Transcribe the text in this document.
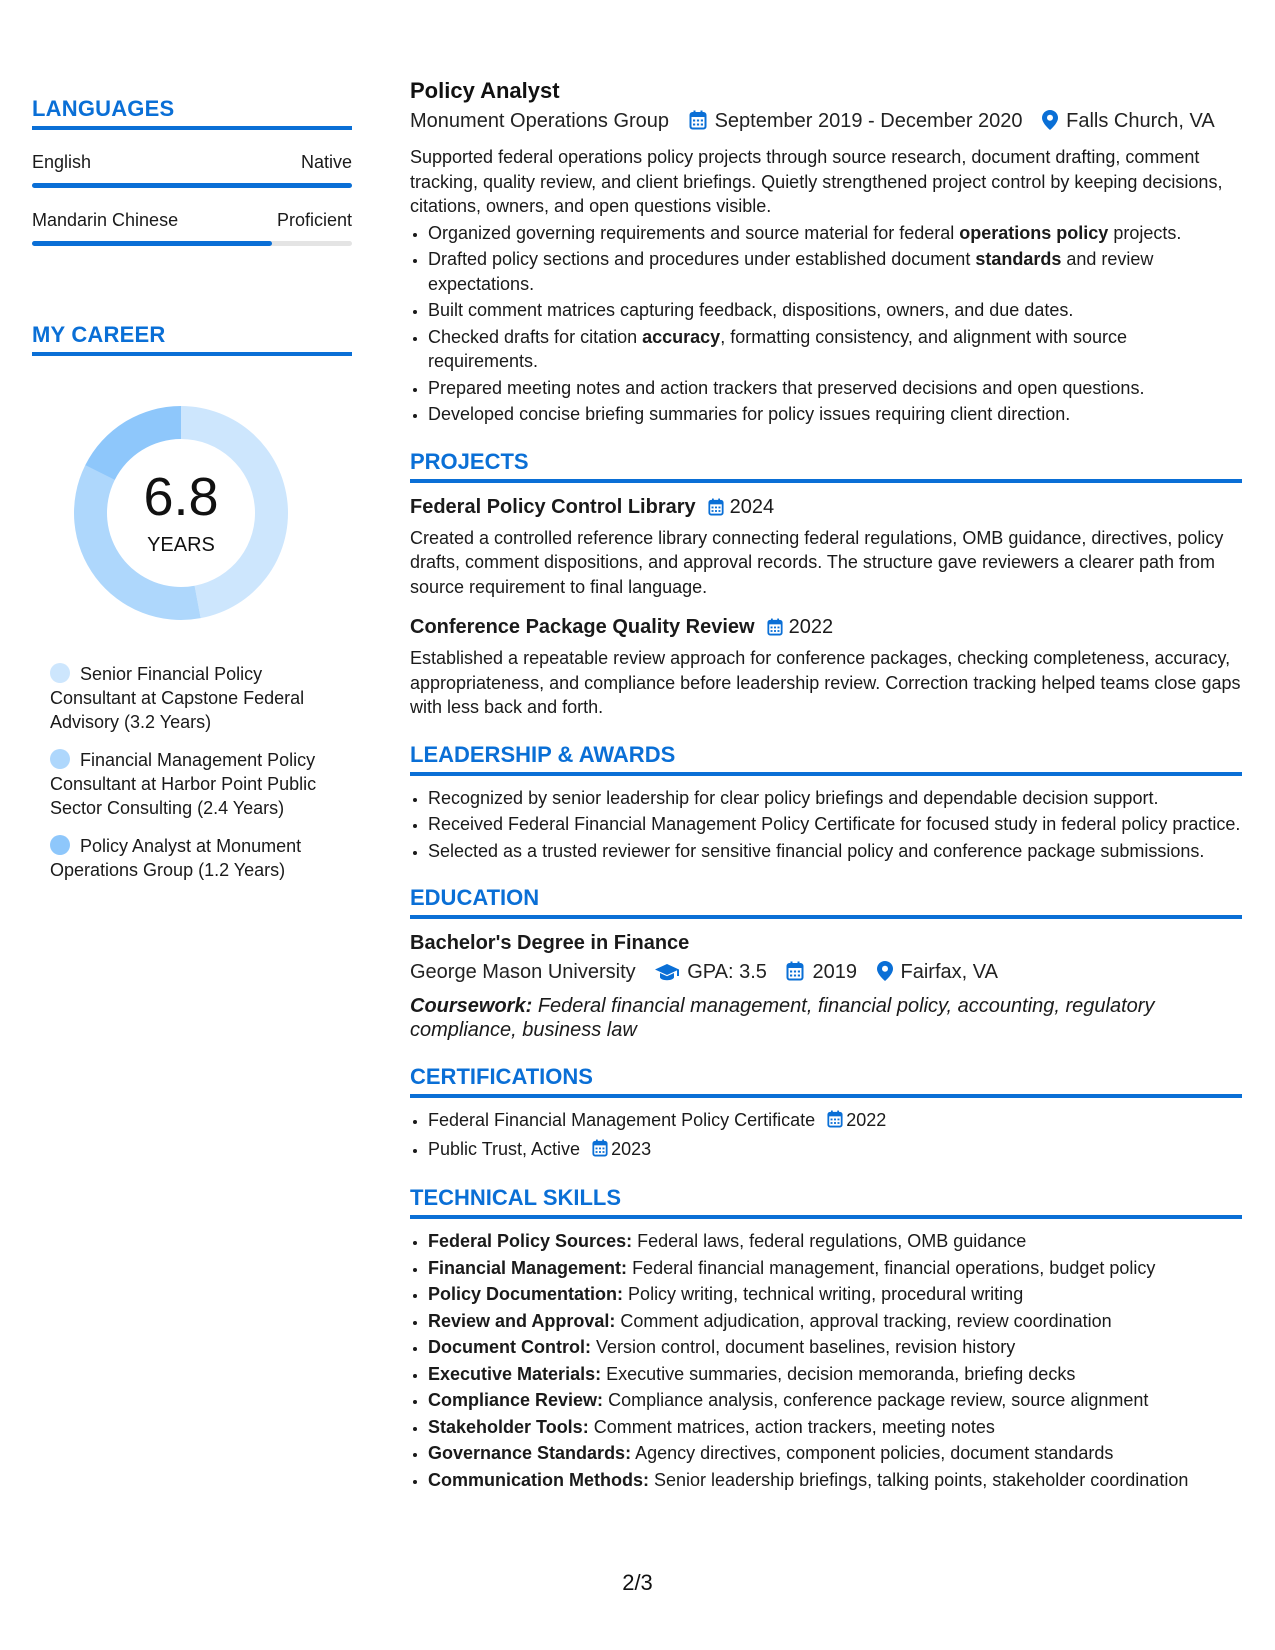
LANGUAGES
English	Native
Mandarin Chinese	Proficient
MY CAREER
6.8
YEARS
Senior Financial Policy Consultant at Capstone Federal Advisory (3.2 Years)
Financial Management Policy Consultant at Harbor Point Public Sector Consulting (2.4 Years)
Policy Analyst at Monument Operations Group (1.2 Years)
Policy Analyst
Monument Operations Group September 2019 - December 2020 Falls Church, VA

Supported federal operations policy projects through source research, document drafting, comment tracking, quality review, and client briefings. Quietly strengthened project control by keeping decisions, citations, owners, and open questions visible.

• Organized governing requirements and source material for federal operations policy projects.
• Drafted policy sections and procedures under established document standards and review expectations.
• Built comment matrices capturing feedback, dispositions, owners, and due dates.
• Checked drafts for citation accuracy, formatting consistency, and alignment with source requirements.
• Prepared meeting notes and action trackers that preserved decisions and open questions.
• Developed concise briefing summaries for policy issues requiring client direction.
PROJECTS
Federal Policy Control Library 2024

Created a controlled reference library connecting federal regulations, OMB guidance, directives, policy drafts, comment dispositions, and approval records. The structure gave reviewers a clearer path from source requirement to final language.

Conference Package Quality Review 2022

Established a repeatable review approach for conference packages, checking completeness, accuracy, appropriateness, and compliance before leadership review. Correction tracking helped teams close gaps with less back and forth.

LEADERSHIP & AWARDS
• Recognized by senior leadership for clear policy briefings and dependable decision support.
• Received Federal Financial Management Policy Certificate for focused study in federal policy practice.
• Selected as a trusted reviewer for sensitive financial policy and conference package submissions.
EDUCATION
Bachelor's Degree in Finance
George Mason University	GPA: 3.5 2019 Fairfax, VA
Coursework: Federal financial management, financial policy, accounting, regulatory compliance, business law
CERTIFICATIONS
• Federal Financial Management Policy Certificate 2022
• Public Trust, Active 2023
TECHNICAL SKILLS
• Federal Policy Sources: Federal laws, federal regulations, OMB guidance
• Financial Management: Federal financial management, financial operations, budget policy
• Policy Documentation: Policy writing, technical writing, procedural writing
• Review and Approval: Comment adjudication, approval tracking, review coordination
• Document Control: Version control, document baselines, revision history
• Executive Materials: Executive summaries, decision memoranda, briefing decks
• Compliance Review: Compliance analysis, conference package review, source alignment
• Stakeholder Tools: Comment matrices, action trackers, meeting notes
• Governance Standards: Agency directives, component policies, document standards
• Communication Methods: Senior leadership briefings, talking points, stakeholder coordination
2/3
